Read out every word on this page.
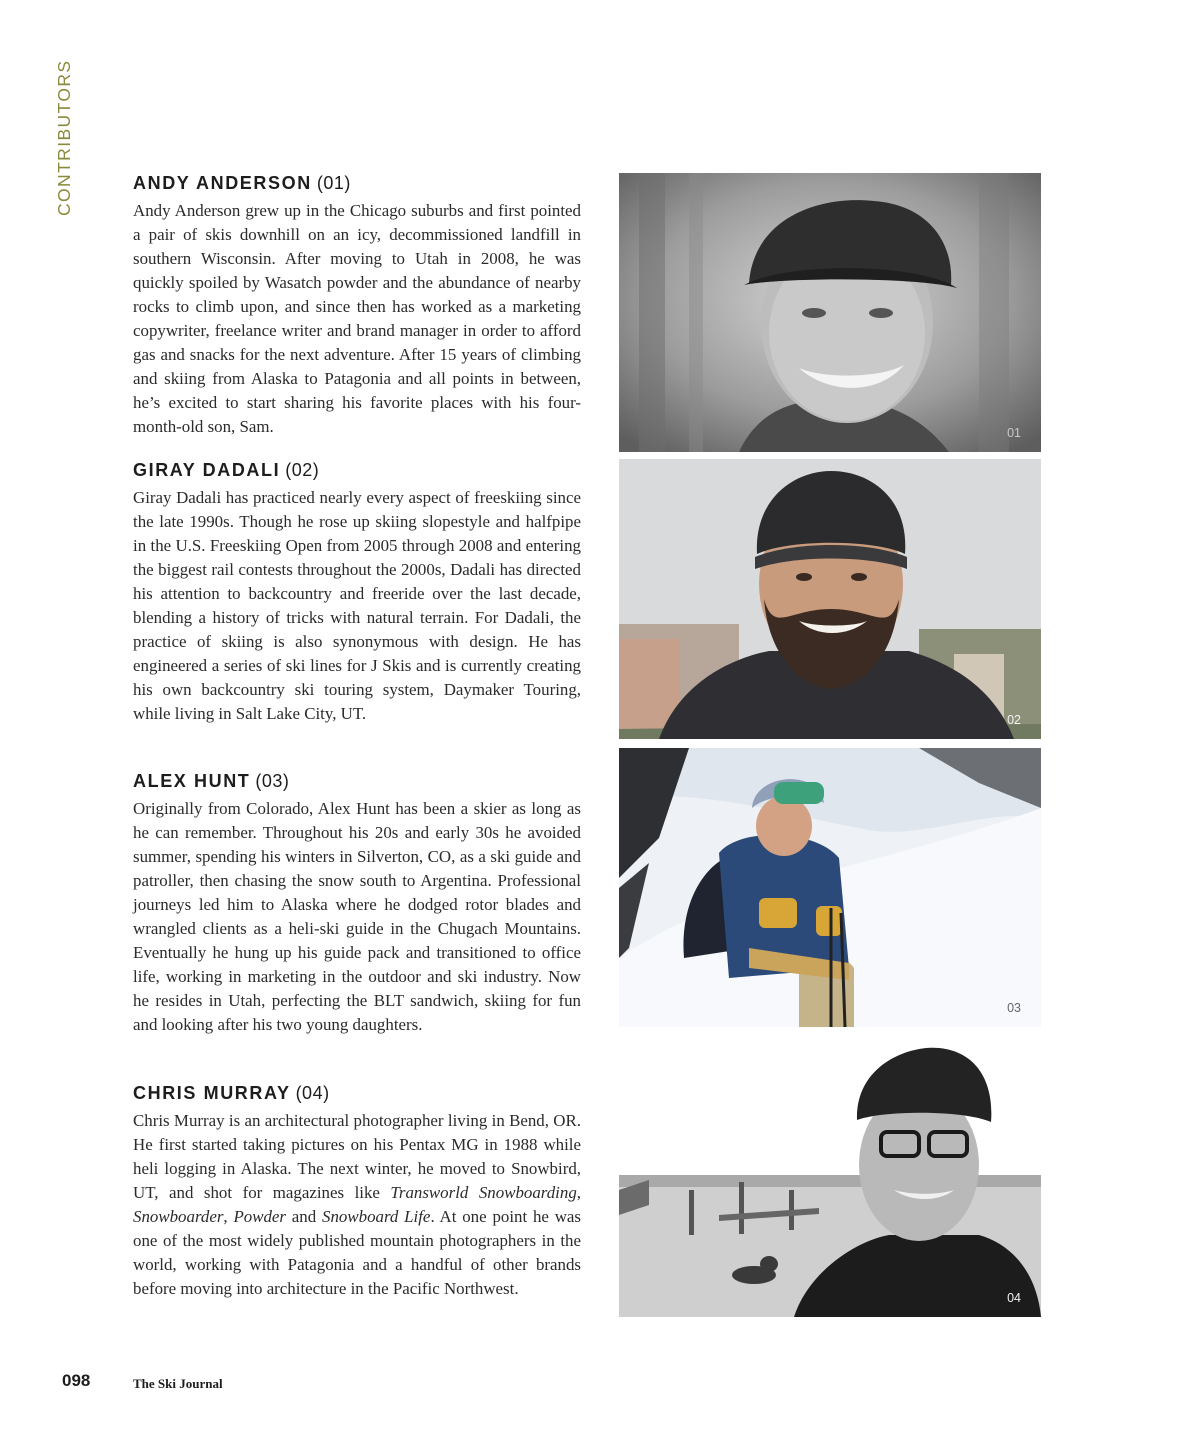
CONTRIBUTORS	ANDY ANDERSON (01)

Andy Anderson grew up in the Chicago suburbs and first pointed a pair of skis downhill on an icy, decommissioned landfill in southern Wisconsin. After moving to Utah in 2008, he was quickly spoiled by Wasatch powder and the abundance of nearby rocks to climb upon, and since then has worked as a marketing copywriter, freelance writer and brand manager in order to afford gas and snacks for the next adventure. After 15 years of climbing and skiing from Alaska to Patagonia and all points in between, he’s excited to start sharing his favorite places with his four-month-old son, Sam.

GIRAY DADALI (02)

Giray Dadali has practiced nearly every aspect of freeskiing since the late 1990s. Though he rose up skiing slopestyle and halfpipe in the U.S. Freeskiing Open from 2005 through 2008 and entering the biggest rail contests throughout the 2000s, Dadali has directed his attention to backcountry and freeride over the last decade, blending a history of tricks with natural terrain. For Dadali, the practice of skiing is also synonymous with design. He has engineered a series of ski lines for J Skis and is currently creating his own backcountry ski touring system, Daymaker Touring, while living in Salt Lake City, UT.

ALEX HUNT (03)

Originally from Colorado, Alex Hunt has been a skier as long as he can remember. Throughout his 20s and early 30s he avoided summer, spending his winters in Silverton, CO, as a ski guide and patroller, then chasing the snow south to Argentina. Professional journeys led him to Alaska where he dodged rotor blades and wrangled clients as a heli-ski guide in the Chugach Mountains. Eventually he hung up his guide pack and transitioned to office life, working in marketing in the outdoor and ski industry. Now he resides in Utah, perfecting the BLT sandwich, skiing for fun and looking after his two young daughters.

CHRIS MURRAY (04)

Chris Murray is an architectural photographer living in Bend, OR. He first started taking pictures on his Pentax MG in 1988 while heli logging in Alaska. The next winter, he moved to Snowbird, UT, and shot for magazines like Transworld Snowboarding, Snowboarder, Powder and Snowboard Life. At one point he was one of the most widely published mountain photographers in the world, working with Patagonia and a handful of other brands before moving into architecture in the Pacific Northwest.

01
02
03
04
098	The Ski Journal
